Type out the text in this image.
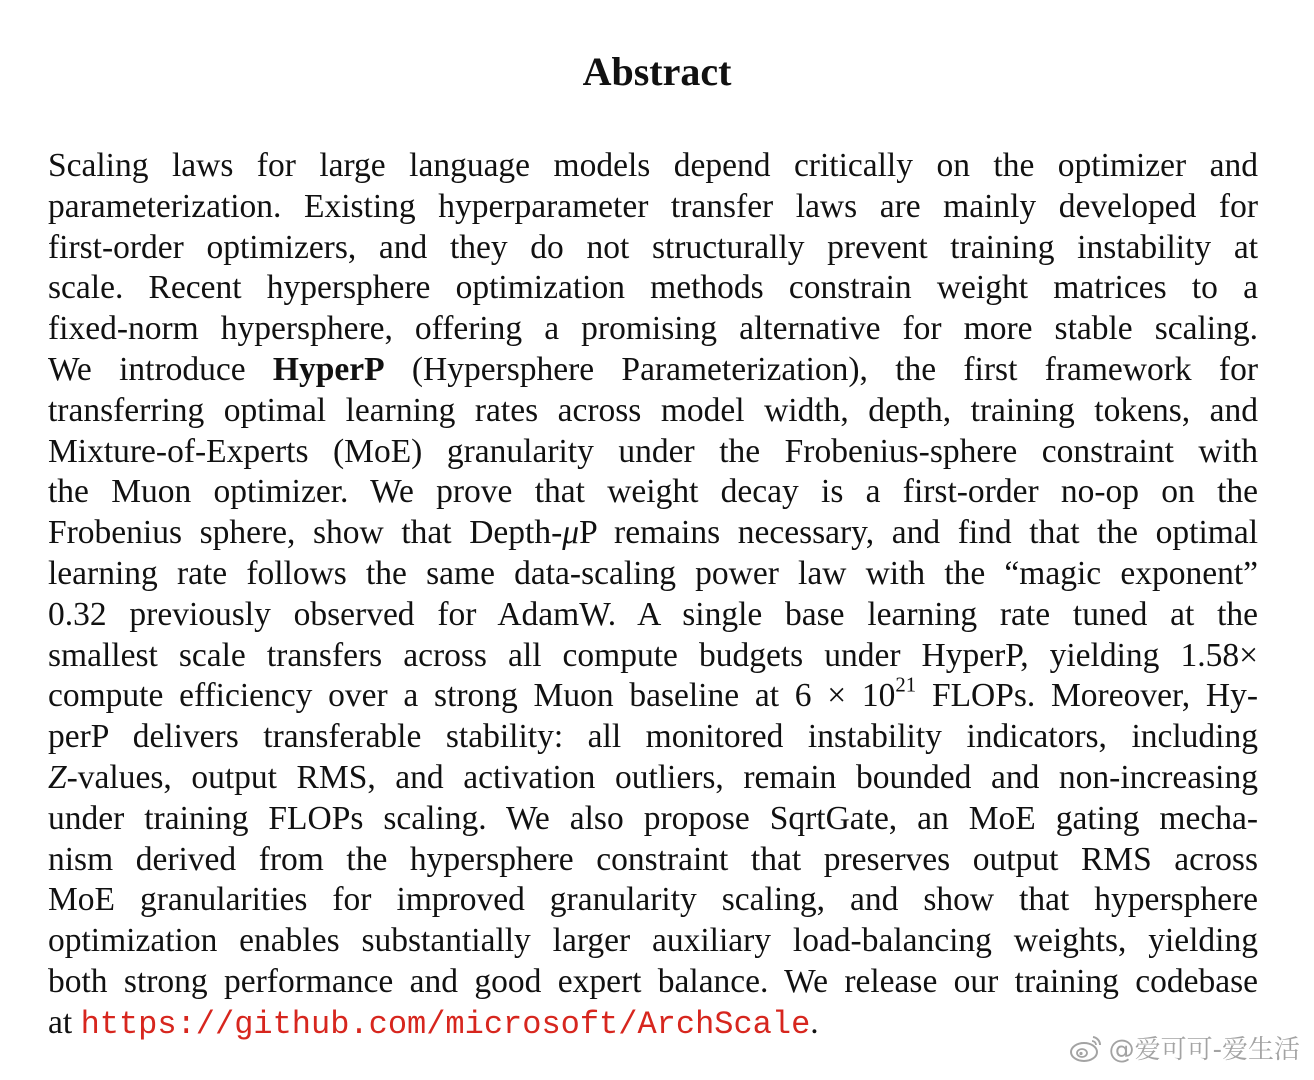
Abstract
Scaling laws for large language models depend critically on the optimizer and
parameterization. Existing hyperparameter transfer laws are mainly developed for
first-order optimizers, and they do not structurally prevent training instability at
scale. Recent hypersphere optimization methods constrain weight matrices to a
fixed-norm hypersphere, offering a promising alternative for more stable scaling.
We introduce HyperP (Hypersphere Parameterization), the first framework for
transferring optimal learning rates across model width, depth, training tokens, and
Mixture-of-Experts (MoE) granularity under the Frobenius-sphere constraint with
the Muon optimizer. We prove that weight decay is a first-order no-op on the
Frobenius sphere, show that Depth-μP remains necessary, and find that the optimal
learning rate follows the same data-scaling power law with the “magic exponent”
0.32 previously observed for AdamW. A single base learning rate tuned at the
smallest scale transfers across all compute budgets under HyperP, yielding 1.58×
compute efficiency over a strong Muon baseline at $6 \times 10^{21}$ FLOPs. Moreover, Hy-
perP delivers transferable stability: all monitored instability indicators, including
Z-values, output RMS, and activation outliers, remain bounded and non-increasing
under training FLOPs scaling. We also propose SqrtGate, an MoE gating mecha-
nism derived from the hypersphere constraint that preserves output RMS across
MoE granularities for improved granularity scaling, and show that hypersphere
optimization enables substantially larger auxiliary load-balancing weights, yielding
both strong performance and good expert balance. We release our training codebase
at https://github.com/microsoft/ArchScale.
@爱可可-爱生活
